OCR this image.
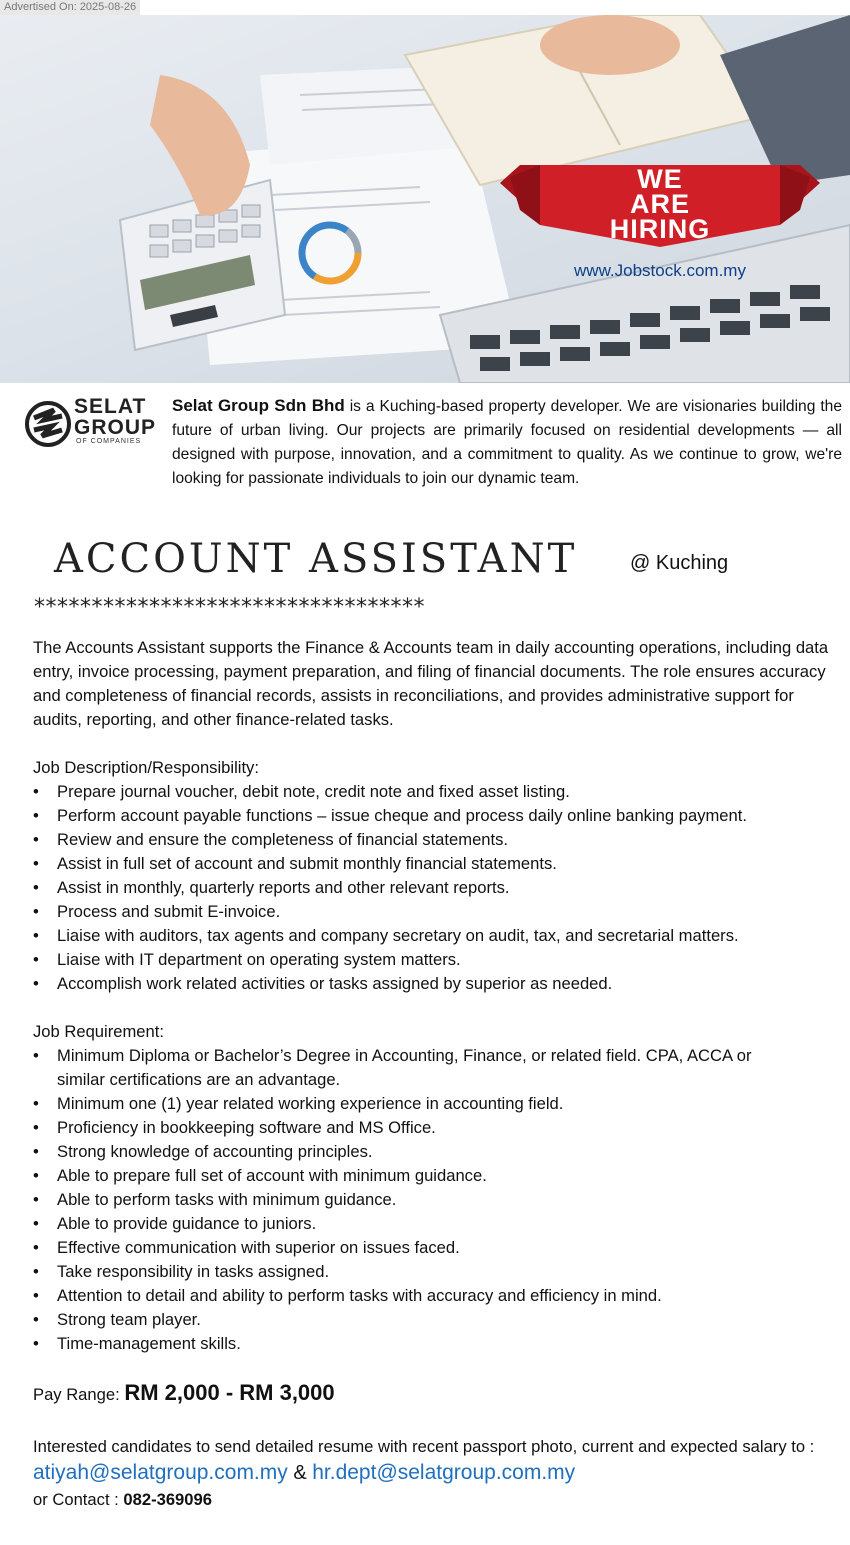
Advertised On: 2025-08-26
WE
ARE
HIRING
www.Jobstock.com.my
SELAT
GROUP
OF COMPANIES
Selat Group Sdn Bhd is a Kuching-based property developer. We are visionaries building the future of urban living. Our projects are primarily focused on residential developments — all designed with purpose, innovation, and a commitment to quality. As we continue to grow, we're looking for passionate individuals to join our dynamic team.
ACCOUNT ASSISTANT	@ Kuching
**********************************
The Accounts Assistant supports the Finance & Accounts team in daily accounting operations, including data entry, invoice processing, payment preparation, and filing of financial documents. The role ensures accuracy and completeness of financial records, assists in reconciliations, and provides administrative support for audits, reporting, and other finance-related tasks.
Job Description/Responsibility:
• Prepare journal voucher, debit note, credit note and fixed asset listing.
• Perform account payable functions – issue cheque and process daily online banking payment.
• Review and ensure the completeness of financial statements.
• Assist in full set of account and submit monthly financial statements.
• Assist in monthly, quarterly reports and other relevant reports.
• Process and submit E-invoice.
• Liaise with auditors, tax agents and company secretary on audit, tax, and secretarial matters.
• Liaise with IT department on operating system matters.
• Accomplish work related activities or tasks assigned by superior as needed.
Job Requirement:
• Minimum Diploma or Bachelor’s Degree in Accounting, Finance, or related field. CPA, ACCA or similar certifications are an advantage.
• Minimum one (1) year related working experience in accounting field.
• Proficiency in bookkeeping software and MS Office.
• Strong knowledge of accounting principles.
• Able to prepare full set of account with minimum guidance.
• Able to perform tasks with minimum guidance.
• Able to provide guidance to juniors.
• Effective communication with superior on issues faced.
• Take responsibility in tasks assigned.
• Attention to detail and ability to perform tasks with accuracy and efficiency in mind.
• Strong team player.
• Time-management skills.
Pay Range: RM 2,000 - RM 3,000
Interested candidates to send detailed resume with recent passport photo, current and expected salary to : atiyah@selatgroup.com.my & hr.dept@selatgroup.com.my
or Contact : 082-369096
